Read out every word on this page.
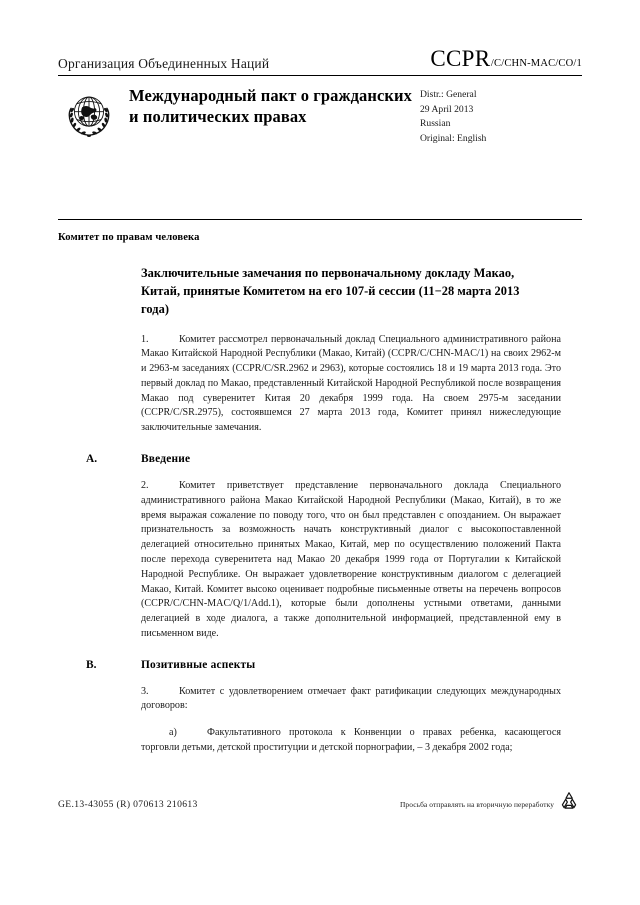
Организация Объединенных Наций	CCPR /C/CHN-MAC/CO/1
Международный пакт о гражданских и политических правах
Distr.: General
29 April 2013
Russian
Original: English
Комитет по правам человека
Заключительные замечания по первоначальному докладу Макао, Китай, принятые Комитетом на его 107-й сессии (11−28 марта 2013 года)
1.	Комитет рассмотрел первоначальный доклад Специального административного района Макао Китайской Народной Республики (Макао, Китай) (CCPR/C/CHN-MAC/1) на своих 2962-м и 2963-м заседаниях (CCPR/C/SR.2962 и 2963), которые состоялись 18 и 19 марта 2013 года. Это первый доклад по Макао, представленный Китайской Народной Республикой после возвращения Макао под суверенитет Китая 20 декабря 1999 года. На своем 2975-м заседании (CCPR/C/SR.2975), состоявшемся 27 марта 2013 года, Комитет принял нижеследующие заключительные замечания.
A.	Введение
2.	Комитет приветствует представление первоначального доклада Специального административного района Макао Китайской Народной Республики (Макао, Китай), в то же время выражая сожаление по поводу того, что он был представлен с опозданием. Он выражает признательность за возможность начать конструктивный диалог с высокопоставленной делегацией относительно принятых Макао, Китай, мер по осуществлению положений Пакта после перехода суверенитета над Макао 20 декабря 1999 года от Португалии к Китайской Народной Республике. Он выражает удовлетворение конструктивным диалогом с делегацией Макао, Китай. Комитет высоко оценивает подробные письменные ответы на перечень вопросов (CCPR/C/CHN-MAC/Q/1/Add.1), которые были дополнены устными ответами, данными делегацией в ходе диалога, а также дополнительной информацией, представленной ему в письменном виде.
B.	Позитивные аспекты
3.	Комитет с удовлетворением отмечает факт ратификации следующих международных договоров:
a)	Факультативного протокола к Конвенции о правах ребенка, касающегося торговли детьми, детской проституции и детской порнографии, – 3 декабря 2002 года;
GE.13-43055 (R) 070613 210613	Просьба отправлять на вторичную переработку
